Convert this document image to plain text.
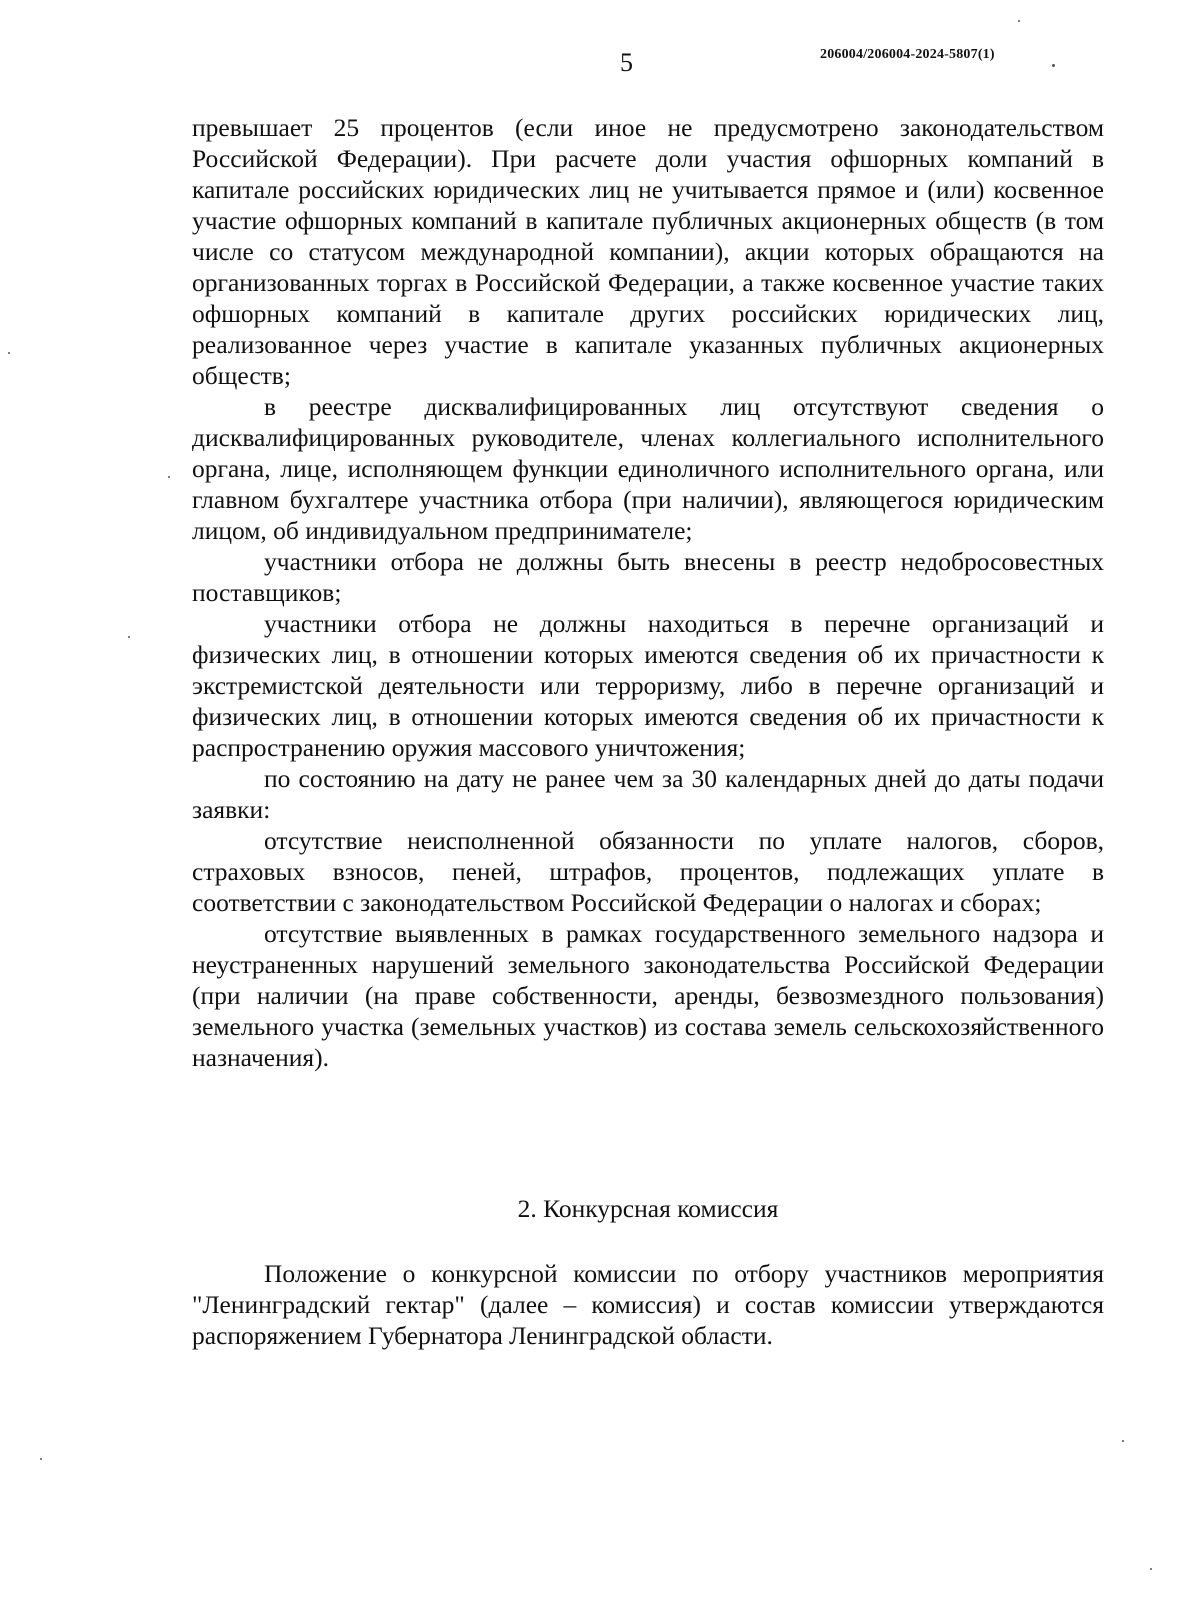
5	206004/206004-2024-5807(1)

превышает 25 процентов (если иное не предусмотрено законодательством Российской Федерации). При расчете доли участия офшорных компаний в капитале российских юридических лиц не учитывается прямое и (или) косвенное участие офшорных компаний в капитале публичных акционерных обществ (в том числе со статусом международной компании), акции которых обращаются на организованных торгах в Российской Федерации, а также косвенное участие таких офшорных компаний в капитале других российских юридических лиц, реализованное через участие в капитале указанных публичных акционерных обществ;

в реестре дисквалифицированных лиц отсутствуют сведения о дисквалифицированных руководителе, членах коллегиального исполнительного органа, лице, исполняющем функции единоличного исполнительного органа, или главном бухгалтере участника отбора (при наличии), являющегося юридическим лицом, об индивидуальном предпринимателе;

участники отбора не должны быть внесены в реестр недобросовестных поставщиков;

участники отбора не должны находиться в перечне организаций и физических лиц, в отношении которых имеются сведения об их причастности к экстремистской деятельности или терроризму, либо в перечне организаций и физических лиц, в отношении которых имеются сведения об их причастности к распространению оружия массового уничтожения;

по состоянию на дату не ранее чем за 30 календарных дней до даты подачи заявки:

отсутствие неисполненной обязанности по уплате налогов, сборов, страховых взносов, пеней, штрафов, процентов, подлежащих уплате в соответствии с законодательством Российской Федерации о налогах и сборах;

отсутствие выявленных в рамках государственного земельного надзора и неустраненных нарушений земельного законодательства Российской Федерации (при наличии (на праве собственности, аренды, безвозмездного пользования) земельного участка (земельных участков) из состава земель сельскохозяйственного назначения).

2. Конкурсная комиссия

Положение о конкурсной комиссии по отбору участников мероприятия "Ленинградский гектар" (далее – комиссия) и состав комиссии утверждаются распоряжением Губернатора Ленинградской области.
